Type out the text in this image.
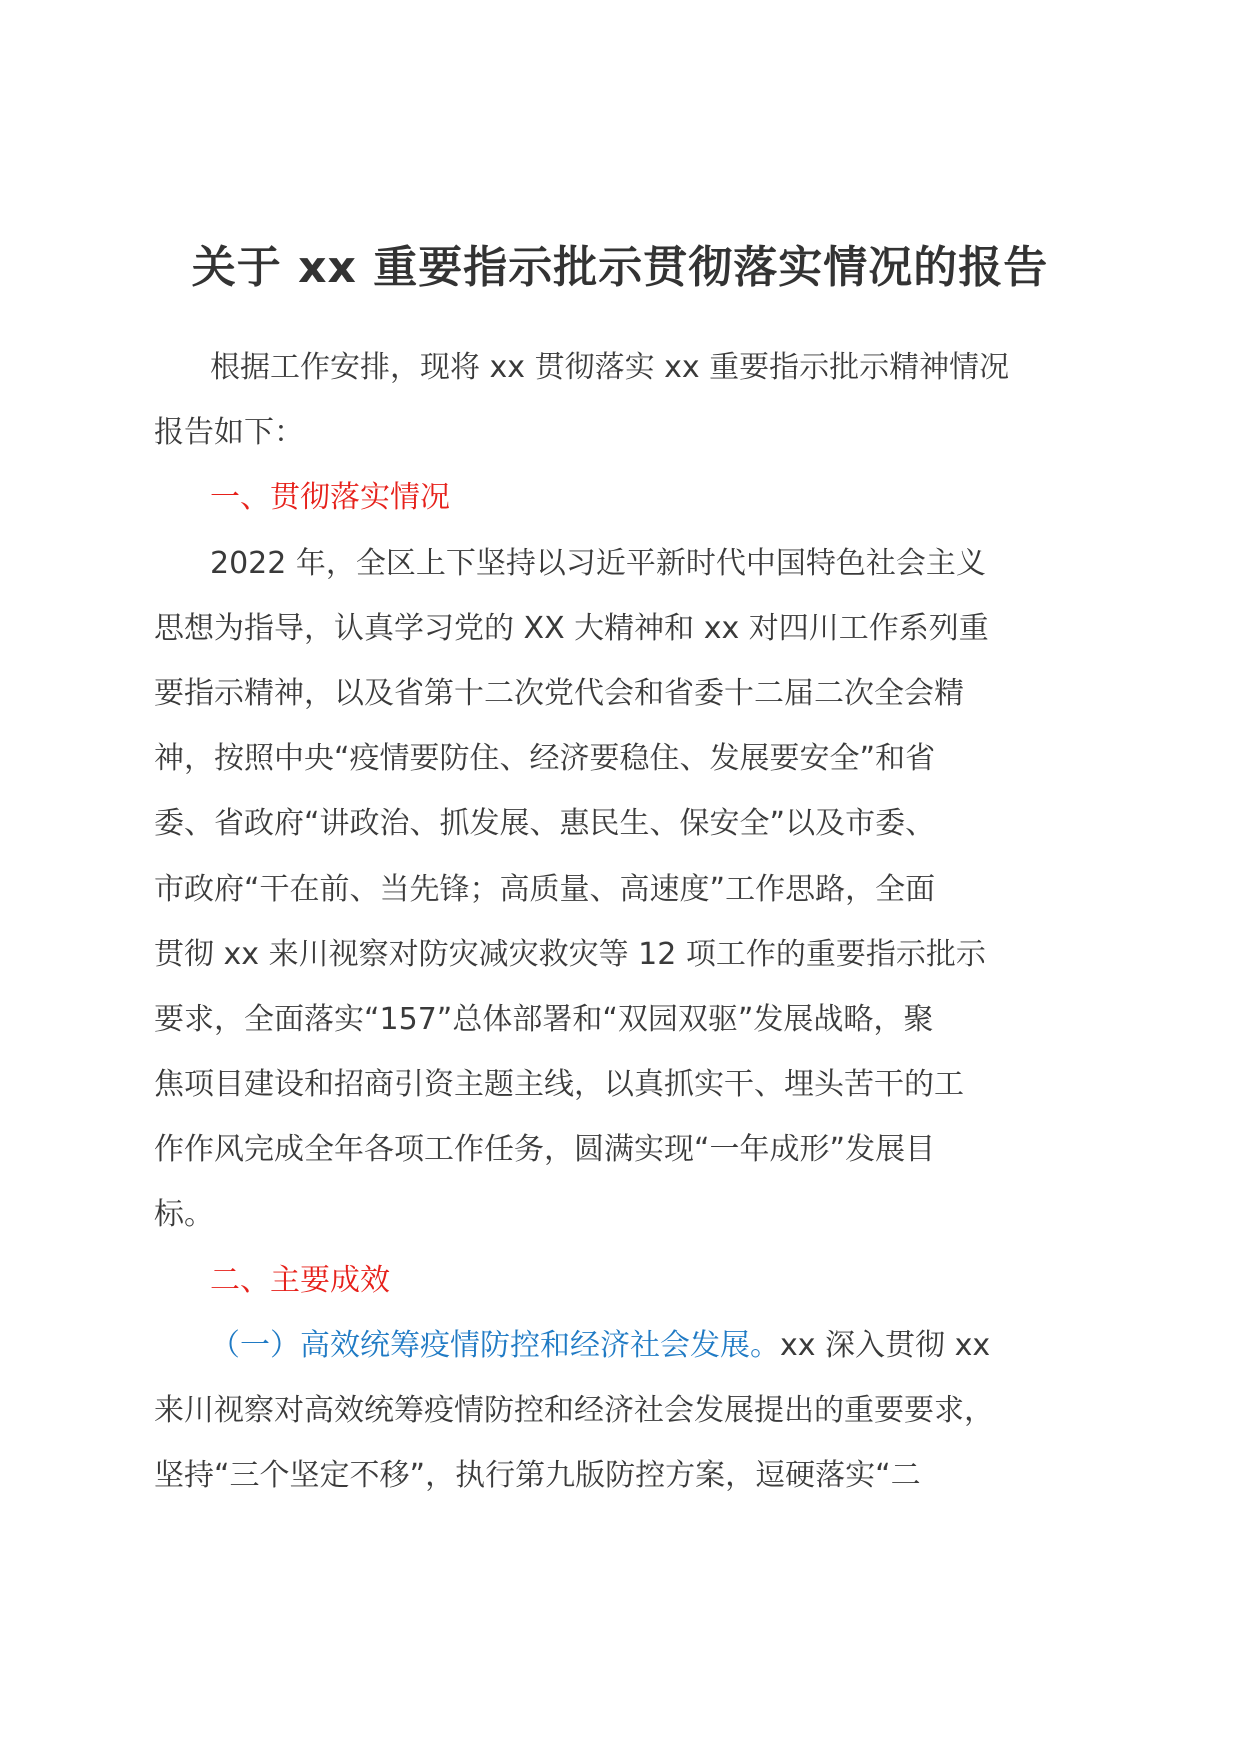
关于 xx 重要指示批示贯彻落实情况的报告
根据工作安排，现将 xx 贯彻落实 xx 重要指示批示精神情况
报告如下：
一、贯彻落实情况
2022 年，全区上下坚持以习近平新时代中国特色社会主义
思想为指导，认真学习党的 XX 大精神和 xx 对四川工作系列重
要指示精神，以及省第十二次党代会和省委十二届二次全会精
神，按照中央“疫情要防住、经济要稳住、发展要安全”和省
委、省政府“讲政治、抓发展、惠民生、保安全”以及市委、
市政府“干在前、当先锋；高质量、高速度”工作思路，全面
贯彻 xx 来川视察对防灾减灾救灾等 12 项工作的重要指示批示
要求，全面落实“157”总体部署和“双园双驱”发展战略，聚
焦项目建设和招商引资主题主线，以真抓实干、埋头苦干的工
作作风完成全年各项工作任务，圆满实现“一年成形”发展目
标。
二、主要成效
（一）高效统筹疫情防控和经济社会发展。xx 深入贯彻 xx
来川视察对高效统筹疫情防控和经济社会发展提出的重要要求，
坚持“三个坚定不移”，执行第九版防控方案，逗硬落实“二
